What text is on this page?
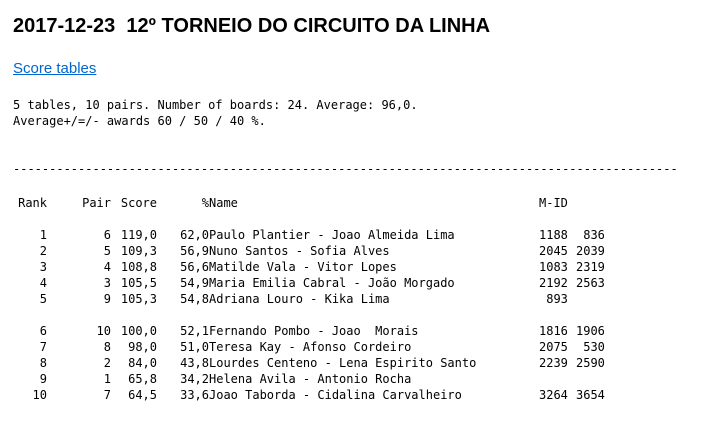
2017-12-23  12º TORNEIO DO CIRCUITO DA LINHA
Score tables
5 tables, 10 pairs. Number of boards: 24. Average: 96,0.
Average+/=/- awards 60 / 50 / 40 %.
--------------------------------------------------------------------------------------------
Rank	Pair	Score	%	Name	M-ID	
1	6	119,0	62,0	Paulo Plantier - Joao Almeida Lima	1188	836
2	5	109,3	56,9	Nuno Santos - Sofia Alves	2045	2039
3	4	108,8	56,6	Matilde Vala - Vitor Lopes	1083	2319
4	3	105,5	54,9	Maria Emilia Cabral - João Morgado	2192	2563
5	9	105,3	54,8	Adriana Louro - Kika Lima	893	

6	10	100,0	52,1	Fernando Pombo - Joao  Morais	1816	1906
7	8	98,0	51,0	Teresa Kay - Afonso Cordeiro	2075	530
8	2	84,0	43,8	Lourdes Centeno - Lena Espirito Santo	2239	2590
9	1	65,8	34,2	Helena Avila - Antonio Rocha		
10	7	64,5	33,6	Joao Taborda - Cidalina Carvalheiro	3264	3654
